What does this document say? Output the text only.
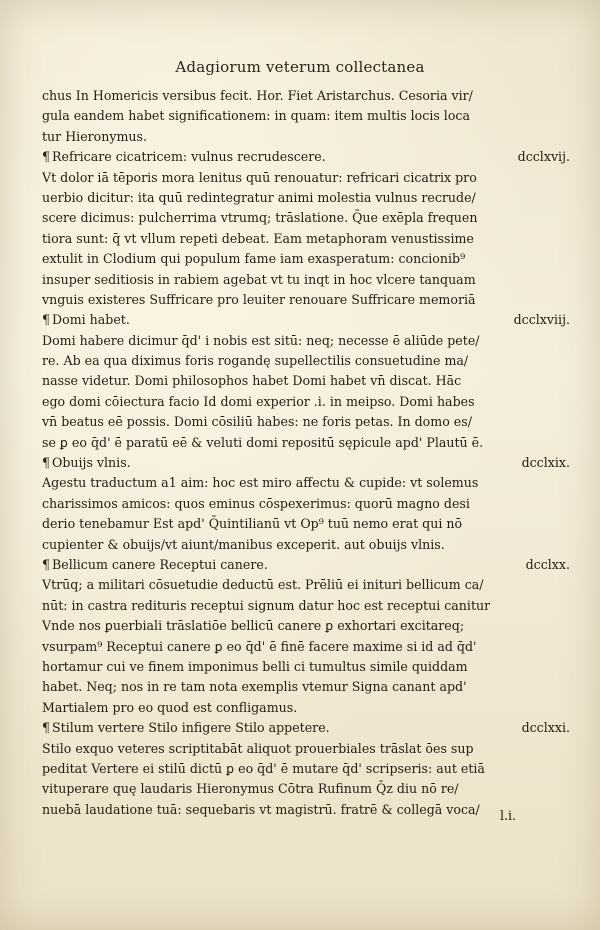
Adagiorum veterum collectanea
chus In Homericis versibus fecit. Hor. Fiet Aristarchus. Cesoria vir/
gula eandem habet significationem: in quam: item multis locis loca
tur Hieronymus.
¶ Refricare cicatricem: vulnus recrudescere.	dcclxvij.
Vt dolor iā tēporis mora lenitus quū renouatur: refricari cicatrix pro
uerbio dicitur: ita quū redintegratur animi molestia vulnus recrude/
scere dicimus: pulcherrima vtrumq; trāslatione. Q̄ue exēpla frequen
tiora sunt: q̄ vt vllum repeti debeat. Eam metaphoram venustissime
extulit in Clodium qui populum fame iam exasperatum: concionib⁹
insuper seditiosis in rabiem agebat vt tu inqt in hoc vlcere tanquam
vnguis existeres Suffricare pro leuiter renouare Suffricare memoriā
¶ Domi habet.	dcclxviij.
Domi habere dicimur q̄d' i nobis est sitū: neq; necesse ē aliūde pete/
re. Ab ea qua diximus foris rogandę supellectilis consuetudine ma/
nasse videtur. Domi philosophos habet Domi habet vn̄ discat. Hāc
ego domi cōiectura facio Id domi experior .i. in meipso. Domi habes
vn̄ beatus eē possis. Domi cōsiliū habes: ne foris petas. In domo es/
se ꝑ eo q̄d' ē paratū eē & veluti domi repositū sępicule apd' Plautū ē.
¶ Obuijs vlnis.	dcclxix.
Agestu traductum a1 aim: hoc est miro affectu & cupide: vt solemus
charissimos amicos: quos eminus cōspexerimus: quorū magno desi
derio tenebamur Est apd' Q̄uintilianū vt Op⁹ tuū nemo erat qui nō
cupienter & obuijs/vt aiunt/manibus exceperit. aut obuijs vlnis.
¶ Bellicum canere Receptui canere.	dcclxx.
Vtrūq; a militari cōsuetudie deductū est. Prēliū ei inituri bellicum ca/
nūt: in castra redituris receptui signum datur hoc est receptui canitur
Vnde nos ꝑuerbiali trāslatiōe bellicū canere ꝑ exhortari excitareq;
vsurpam⁹ Receptui canere ꝑ eo q̄d' ē finē facere maxime si id ad q̄d'
hortamur cui ve finem imponimus belli ci tumultus simile quiddam
habet. Neq; nos in re tam nota exemplis vtemur Signa canant apd'
Martialem pro eo quod est confligamus.
¶ Stilum vertere Stilo infigere Stilo appetere.	dcclxxi.
Stilo exquo veteres scriptitabāt aliquot prouerbiales trāslat ōes sup
peditat Vertere ei stilū dictū ꝑ eo q̄d' ē mutare q̄d' scripseris: aut etiā
vituperare quę laudaris Hieronymus Cōtra Rufinum Q̄z diu nō re/
nuebā laudatione tuā: sequebaris vt magistrū. fratrē & collegā voca/ l.i.
